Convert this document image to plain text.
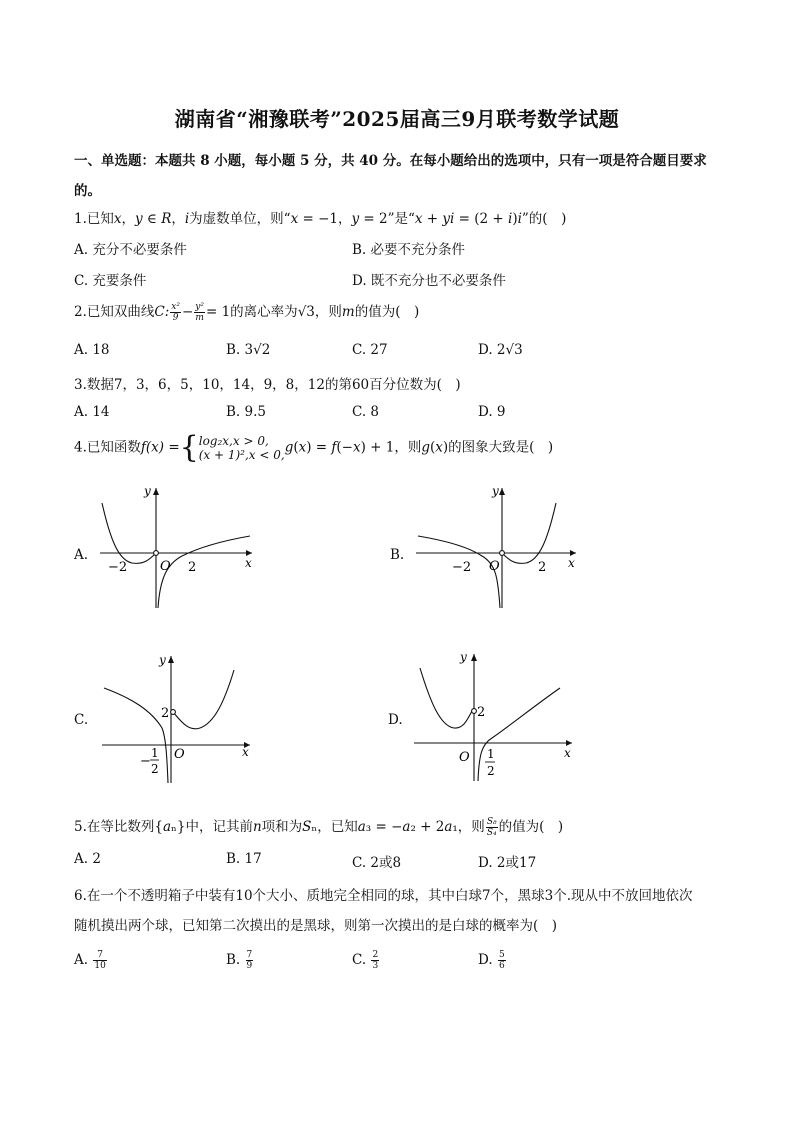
湖南省“湘豫联考”2025届高三9月联考数学试题
一、单选题：本题共 8 小题，每小题 5 分，共 40 分。在每小题给出的选项中，只有一项是符合题目要求的。
1.已知𝑥，𝑦 ∈ 𝑅，𝑖为虚数单位，则“𝑥 = −1，𝑦 = 2”是“𝑥 + 𝑦𝑖 = (2 + 𝑖)𝑖”的(　)
A. 充分不必要条件	B. 必要不充分条件
C. 充要条件	D. 既不充分也不必要条件
2.已知双曲线C: $\frac{\text{x²}}{9} - \frac{\text{y²}}{m} = 1$的离心率为√3，则𝑚的值为(　)
A. 18	B. 3√2	C. 27	D. 2√3
3.数据7，3，6，5，10，14，9，8，12的第60百分位数为(　)
A. 14	B. 9.5	C. 8	D. 9
4.已知函数𝑓(𝑥) ={ log₂x,x > 0,
(x + 1)²,x < 0, 𝑔(𝑥) = 𝑓(−𝑥) + 1，则𝑔(𝑥)的图象大致是(　)
A.	B.
C.	D.
y
x
−2	O 2
y
x
−2 O	2
y
x
2
O
−
1
2
y
x
2
O 1
2
5.在等比数列{𝑎ₙ}中，记其前𝑛项和为𝑆ₙ，已知𝑎₃ = −𝑎₂ + 2𝑎₁，则 $\frac{\text{S₈}}{\text{S₄}}$ 的值为(　)
A. 2	B. 17	C. 2或8	D. 2或17
6.在一个不透明箱子中装有10个大小、质地完全相同的球，其中白球7个，黑球3个.现从中不放回地依次
随机摸出两个球，已知第二次摸出的是黑球，则第一次摸出的是白球的概率为(　)
A. $\frac{7}{10}$	B. $\frac{7}{9}$	C. $\frac{2}{3}$	D. $\frac{5}{6}$
